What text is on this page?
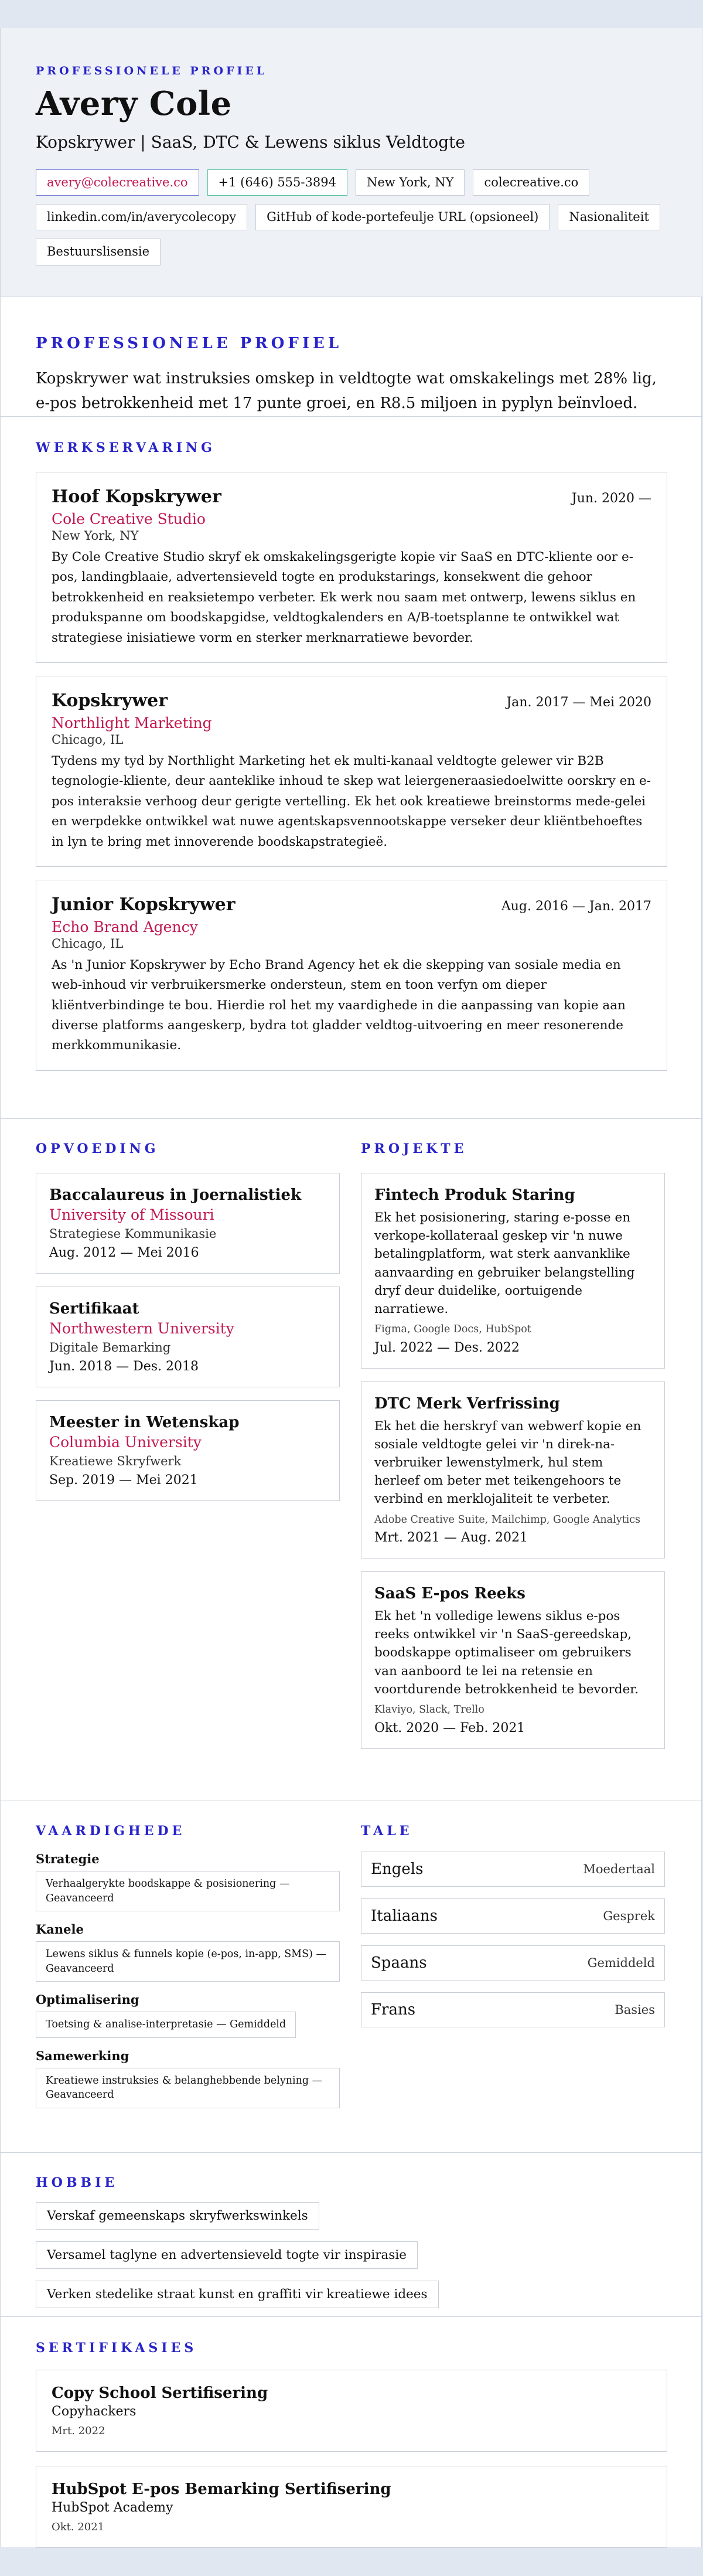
PROFESSIONELE PROFIEL

Avery Cole
Kopskrywer | SaaS, DTC & Lewens siklus Veldtogte
avery@colecreative.co	+1 (646) 555-3894	New York, NY	colecreative.co
linkedin.com/in/averycolecopy	GitHub of kode-portefeulje URL (opsioneel)	Nasionaliteit
Bestuurslisensie

PROFESSIONELE PROFIEL

Kopskrywer wat instruksies omskep in veldtogte wat omskakelings met 28% lig, e-pos betrokkenheid met 17 punte groei, en R8.5 miljoen in pyplyn beïnvloed.

WERKSERVARING

Hoof Kopskrywer	Jun. 2020 —
Cole Creative Studio
New York, NY

By Cole Creative Studio skryf ek omskakelingsgerigte kopie vir SaaS en DTC-kliente oor e-pos, landingblaaie, advertensieveld togte en produkstarings, konsekwent die gehoor betrokkenheid en reaksietempo verbeter. Ek werk nou saam met ontwerp, lewens siklus en produkspanne om boodskapgidse, veldtogkalenders en A/B-toetsplanne te ontwikkel wat strategiese inisiatiewe vorm en sterker merknarratiewe bevorder.

Kopskrywer	Jan. 2017 — Mei 2020
Northlight Marketing
Chicago, IL

Tydens my tyd by Northlight Marketing het ek multi-kanaal veldtogte gelewer vir B2B tegnologie-kliente, deur aanteklike inhoud te skep wat leiergeneraasiedoelwitte oorskry en e-pos interaksie verhoog deur gerigte vertelling. Ek het ook kreatiewe breinstorms mede-gelei en werpdekke ontwikkel wat nuwe agentskapsvennootskappe verseker deur kliëntbehoeftes in lyn te bring met innoverende boodskapstrategieë.

Junior Kopskrywer	Aug. 2016 — Jan. 2017
Echo Brand Agency
Chicago, IL

As 'n Junior Kopskrywer by Echo Brand Agency het ek die skepping van sosiale media en web-inhoud vir verbruikersmerke ondersteun, stem en toon verfyn om dieper kliëntverbindinge te bou. Hierdie rol het my vaardighede in die aanpassing van kopie aan diverse platforms aangeskerp, bydra tot gladder veldtog-uitvoering en meer resonerende merkkommunikasie.

OPVOEDING

Baccalaureus in Joernalistiek
University of Missouri
Strategiese Kommunikasie
Aug. 2012 — Mei 2016
Sertifikaat
Northwestern University
Digitale Bemarking
Jun. 2018 — Des. 2018
Meester in Wetenskap
Columbia University
Kreatiewe Skryfwerk
Sep. 2019 — Mei 2021

PROJEKTE

Fintech Produk Staring

Ek het posisionering, staring e-posse en verkope-kollateraal geskep vir 'n nuwe betalingplatform, wat sterk aanvanklike aanvaarding en gebruiker belangstelling dryf deur duidelike, oortuigende narratiewe.

Figma, Google Docs, HubSpot
Jul. 2022 — Des. 2022
DTC Merk Verfrissing

Ek het die herskryf van webwerf kopie en sosiale veldtogte gelei vir 'n direk-na-verbruiker lewenstylmerk, hul stem herleef om beter met teikengehoors te verbind en merklojaliteit te verbeter.

Adobe Creative Suite, Mailchimp, Google Analytics
Mrt. 2021 — Aug. 2021
SaaS E-pos Reeks

Ek het 'n volledige lewens siklus e-pos reeks ontwikkel vir 'n SaaS-gereedskap, boodskappe optimaliseer om gebruikers van aanboord te lei na retensie en voortdurende betrokkenheid te bevorder.

Klaviyo, Slack, Trello
Okt. 2020 — Feb. 2021

VAARDIGHEDE

Strategie
Verhaalgerykte boodskappe & posisionering — Geavanceerd
Kanele
Lewens siklus & funnels kopie (e-pos, in-app, SMS) — Geavanceerd
Optimalisering
Toetsing & analise-interpretasie — Gemiddeld
Samewerking
Kreatiewe instruksies & belanghebbende belyning — Geavanceerd

TALE

Engels	Moedertaal
Italiaans	Gesprek
Spaans	Gemiddeld
Frans	Basies

HOBBIE

Verskaf gemeenskaps skryfwerkswinkels
Versamel taglyne en advertensieveld togte vir inspirasie
Verken stedelike straat kunst en graffiti vir kreatiewe idees

SERTIFIKASIES

Copy School Sertifisering
Copyhackers
Mrt. 2022
HubSpot E-pos Bemarking Sertifisering
HubSpot Academy
Okt. 2021
